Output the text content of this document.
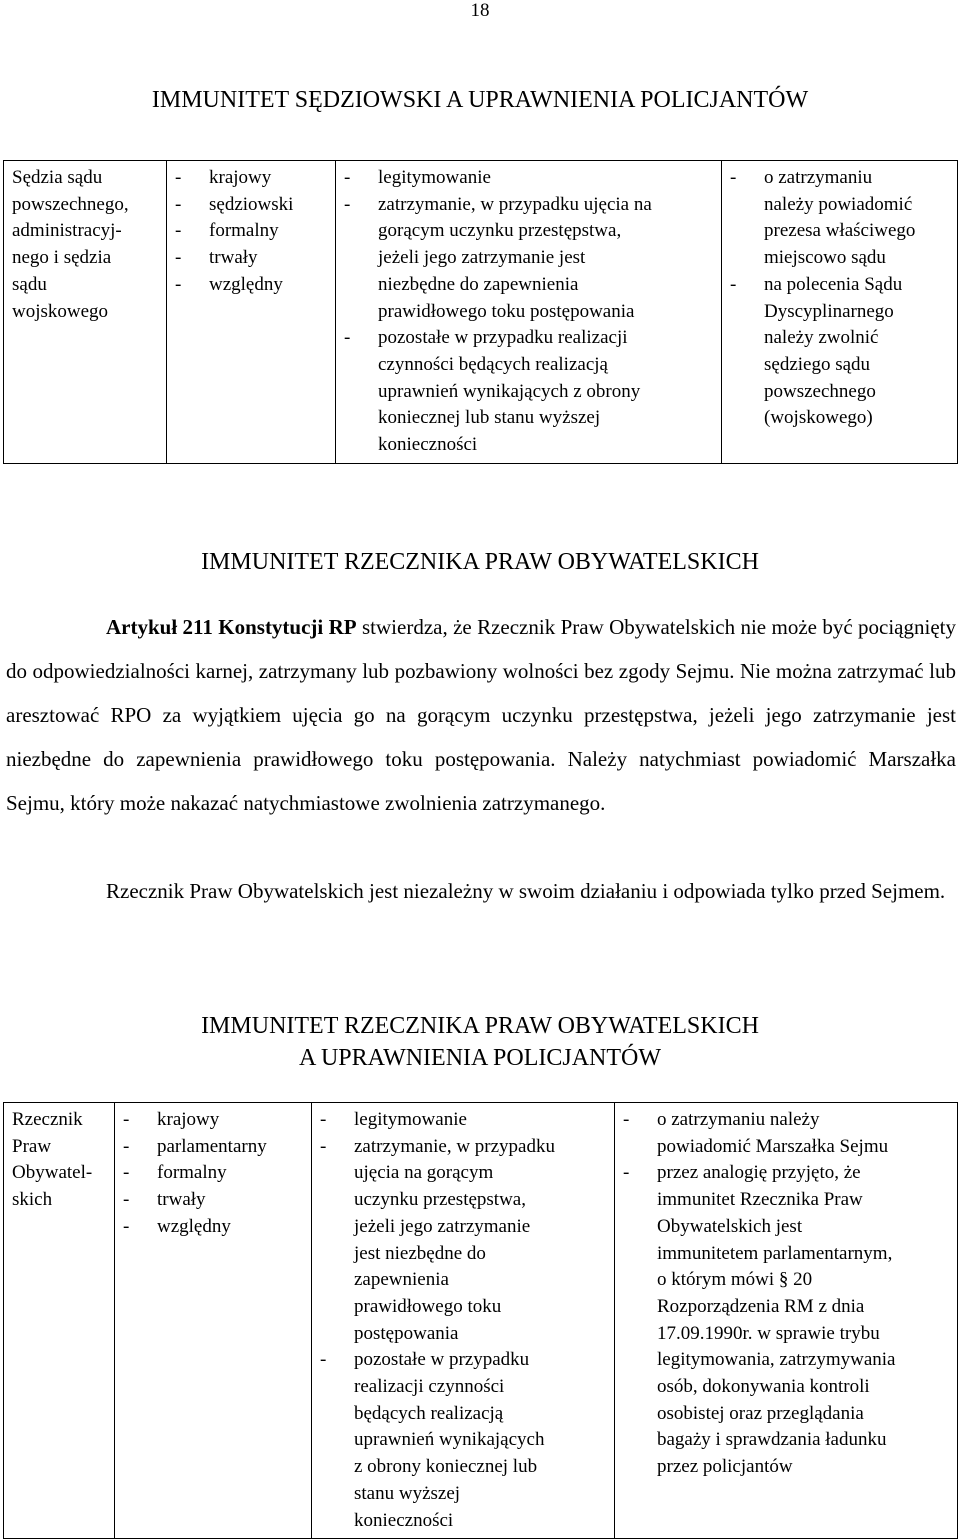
18
IMMUNITET SĘDZIOWSKI A UPRAWNIENIA POLICJANTÓW
Sędzia sądu
powszechnego,
administracyj-
nego i sędzia
sądu
wojskowego

- krajowy
- sędziowski
- formalny
- trwały
- względny

- legitymowanie
- zatrzymanie, w przypadku ujęcia na
gorącym uczynku przestępstwa,
jeżeli jego zatrzymanie jest
niezbędne do zapewnienia
prawidłowego toku postępowania
- pozostałe w przypadku realizacji
czynności będących realizacją
uprawnień wynikających z obrony
koniecznej lub stanu wyższej
konieczności

- o zatrzymaniu
należy powiadomić
prezesa właściwego
miejscowo sądu
- na polecenia Sądu
Dyscyplinarnego
należy zwolnić
sędziego sądu
powszechnego
(wojskowego)
IMMUNITET RZECZNIKA PRAW OBYWATELSKICH
Artykuł 211 Konstytucji RP stwierdza, że Rzecznik Praw Obywatelskich nie może być pociągnięty do odpowiedzialności karnej, zatrzymany lub pozbawiony wolności bez zgody Sejmu. Nie można zatrzymać lub aresztować RPO za wyjątkiem ujęcia go na gorącym uczynku przestępstwa, jeżeli jego zatrzymanie jest niezbędne do zapewnienia prawidłowego toku postępowania. Należy natychmiast powiadomić Marszałka Sejmu, który może nakazać natychmiastowe zwolnienia zatrzymanego.
Rzecznik Praw Obywatelskich jest niezależny w swoim działaniu i odpowiada tylko przed Sejmem.
IMMUNITET RZECZNIKA PRAW OBYWATELSKICH
A UPRAWNIENIA POLICJANTÓW
Rzecznik
Praw
Obywatel-
skich

- krajowy
- parlamentarny
- formalny
- trwały
- względny

- legitymowanie
- zatrzymanie, w przypadku
ujęcia na gorącym
uczynku przestępstwa,
jeżeli jego zatrzymanie
jest niezbędne do
zapewnienia
prawidłowego toku
postępowania
- pozostałe w przypadku
realizacji czynności
będących realizacją
uprawnień wynikających
z obrony koniecznej lub
stanu wyższej
konieczności

- o zatrzymaniu należy
powiadomić Marszałka Sejmu
- przez analogię przyjęto, że
immunitet Rzecznika Praw
Obywatelskich jest
immunitetem parlamentarnym,
o którym mówi § 20
Rozporządzenia RM z dnia
17.09.1990r. w sprawie trybu
legitymowania, zatrzymywania
osób, dokonywania kontroli
osobistej oraz przeglądania
bagaży i sprawdzania ładunku
przez policjantów
